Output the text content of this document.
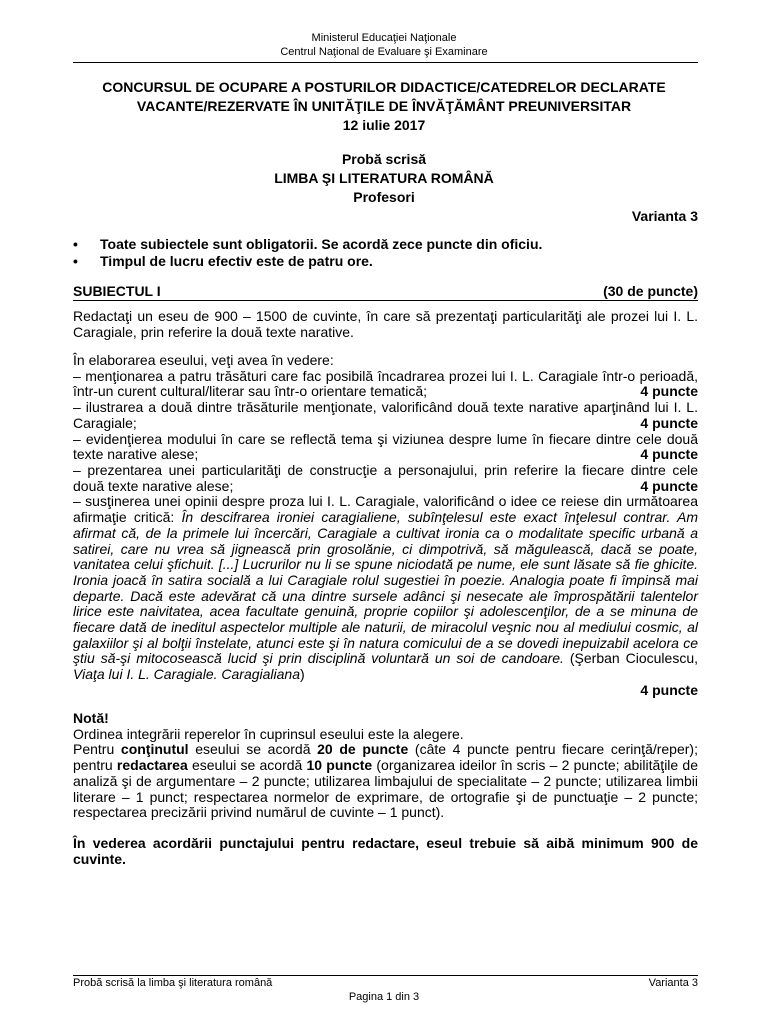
Ministerul Educaţiei Naţionale
Centrul Naţional de Evaluare şi Examinare
CONCURSUL DE OCUPARE A POSTURILOR DIDACTICE/CATEDRELOR DECLARATE
VACANTE/REZERVATE ÎN UNITĂŢILE DE ÎNVĂŢĂMÂNT PREUNIVERSITAR
12 iulie 2017
Probă scrisă
LIMBA ŞI LITERATURA ROMÂNĂ
Profesori
Varianta 3
• Toate subiectele sunt obligatorii. Se acordă zece puncte din oficiu.
• Timpul de lucru efectiv este de patru ore.
SUBIECTUL I	(30 de puncte)
Redactaţi un eseu de 900 – 1500 de cuvinte, în care să prezentaţi particularităţi ale prozei lui I. L. Caragiale, prin referire la două texte narative.

În elaborarea eseului, veţi avea în vedere:

– menţionarea a patru trăsături care fac posibilă încadrarea prozei lui I. L. Caragiale într-o perioadă, într-un curent cultural/literar sau într-o orientare tematică;	4 puncte

– ilustrarea a două dintre trăsăturile menţionate, valorificând două texte narative aparţinând lui I. L. Caragiale;	4 puncte

– evidenţierea modului în care se reflectă tema şi viziunea despre lume în fiecare dintre cele două texte narative alese;	4 puncte

– prezentarea unei particularităţi de construcţie a personajului, prin referire la fiecare dintre cele două texte narative alese;	4 puncte

– susţinerea unei opinii despre proza lui I. L. Caragiale, valorificând o idee ce reiese din următoarea afirmaţie critică: În descifrarea ironiei caragialiene, subînţelesul este exact înţelesul contrar. Am afirmat că, de la primele lui încercări, Caragiale a cultivat ironia ca o modalitate specific urbană a satirei, care nu vrea să jignească prin grosolănie, ci dimpotrivă, să măgulească, dacă se poate, vanitatea celui şfichuit. [...] Lucrurilor nu li se spune niciodată pe nume, ele sunt lăsate să fie ghicite. Ironia joacă în satira socială a lui Caragiale rolul sugestiei în poezie. Analogia poate fi împinsă mai departe. Dacă este adevărat că una dintre sursele adânci şi nesecate ale împrospătării talentelor lirice este naivitatea, acea facultate genuină, proprie copiilor şi adolescenţilor, de a se minuna de fiecare dată de ineditul aspectelor multiple ale naturii, de miracolul veşnic nou al mediului cosmic, al galaxiilor şi al bolţii înstelate, atunci este şi în natura comicului de a se dovedi inepuizabil acelora ce ştiu să-şi mitocosească lucid şi prin disciplină voluntară un soi de candoare. (Şerban Cioculescu, Viaţa lui I. L. Caragiale. Caragialiana)

4 puncte

Notă!

Ordinea integrării reperelor în cuprinsul eseului este la alegere.

Pentru conţinutul eseului se acordă 20 de puncte (câte 4 puncte pentru fiecare cerinţă/reper); pentru redactarea eseului se acordă 10 puncte (organizarea ideilor în scris – 2 puncte; abilităţile de analiză şi de argumentare – 2 puncte; utilizarea limbajului de specialitate – 2 puncte; utilizarea limbii literare – 1 punct; respectarea normelor de exprimare, de ortografie şi de punctuaţie – 2 puncte; respectarea precizării privind numărul de cuvinte – 1 punct).

În vederea acordării punctajului pentru redactare, eseul trebuie să aibă minimum 900 de cuvinte.

Probă scrisă la limba şi literatura română	Varianta 3
Pagina 1 din 3
